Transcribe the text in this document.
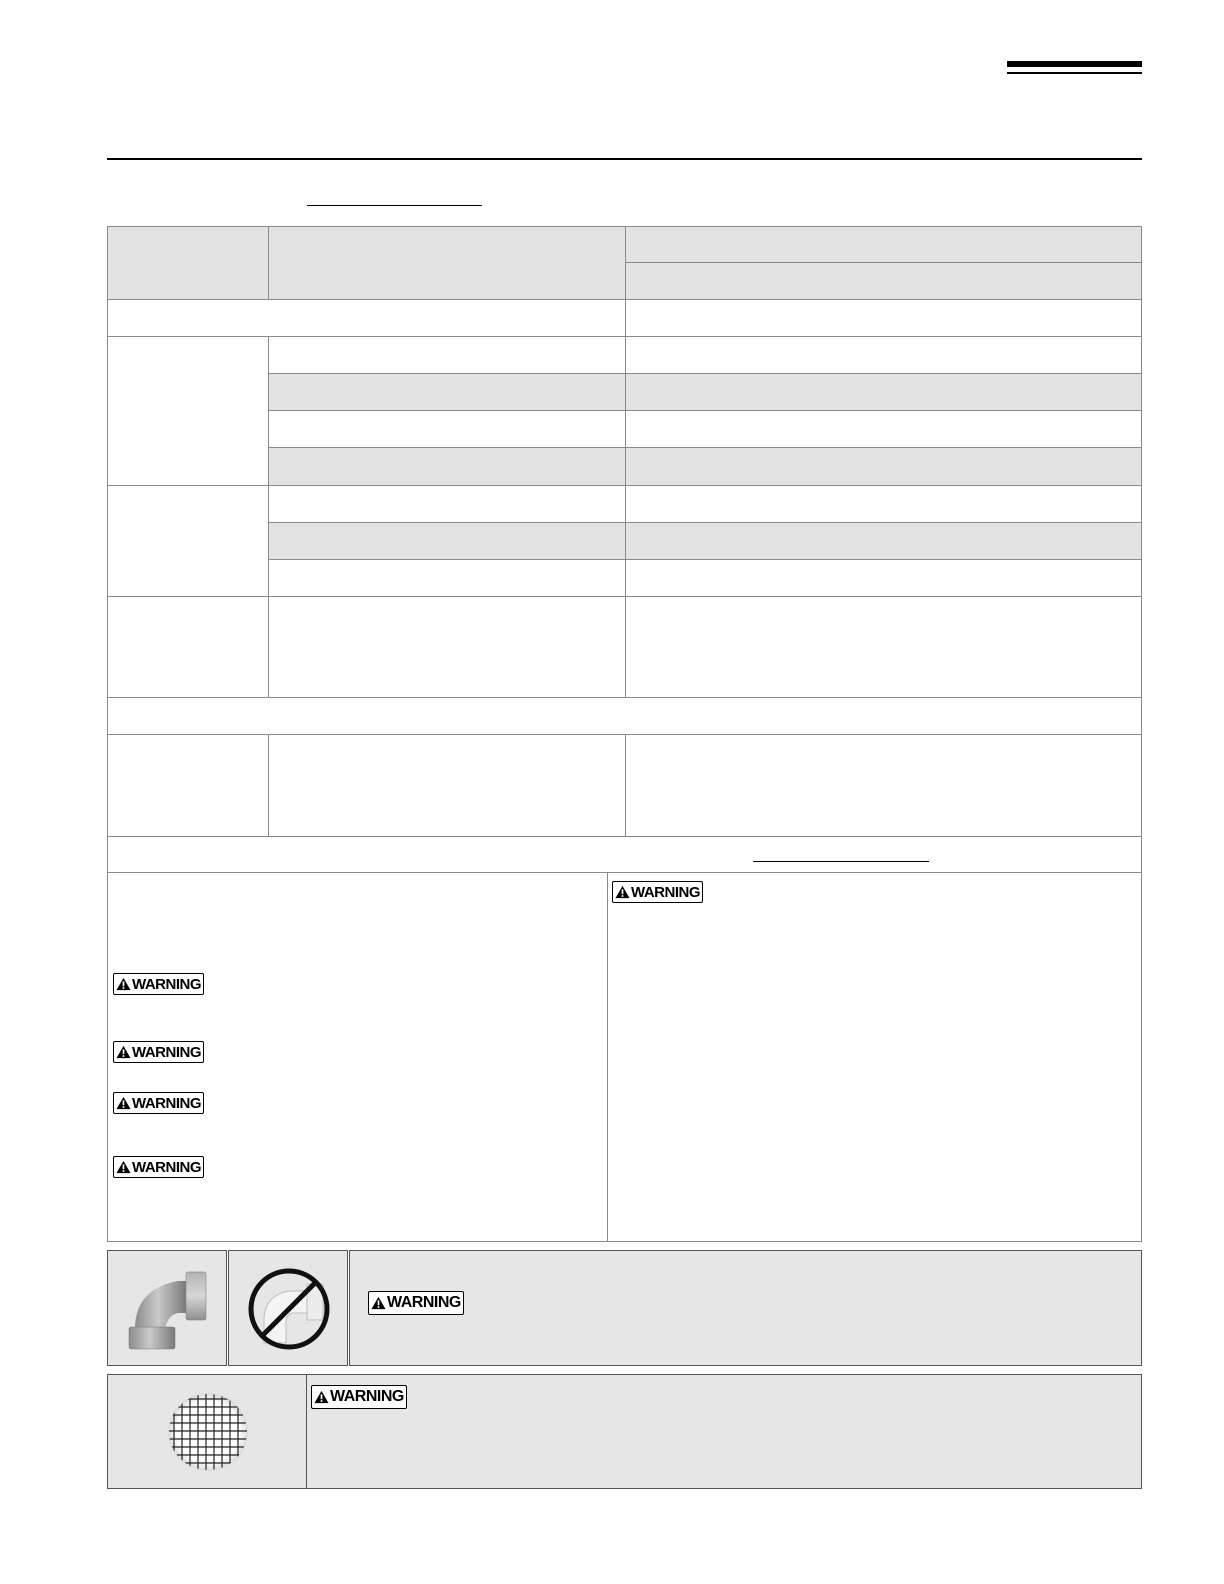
WARNING
WARNING
WARNING
WARNING
WARNING
WARNING
WARNING
